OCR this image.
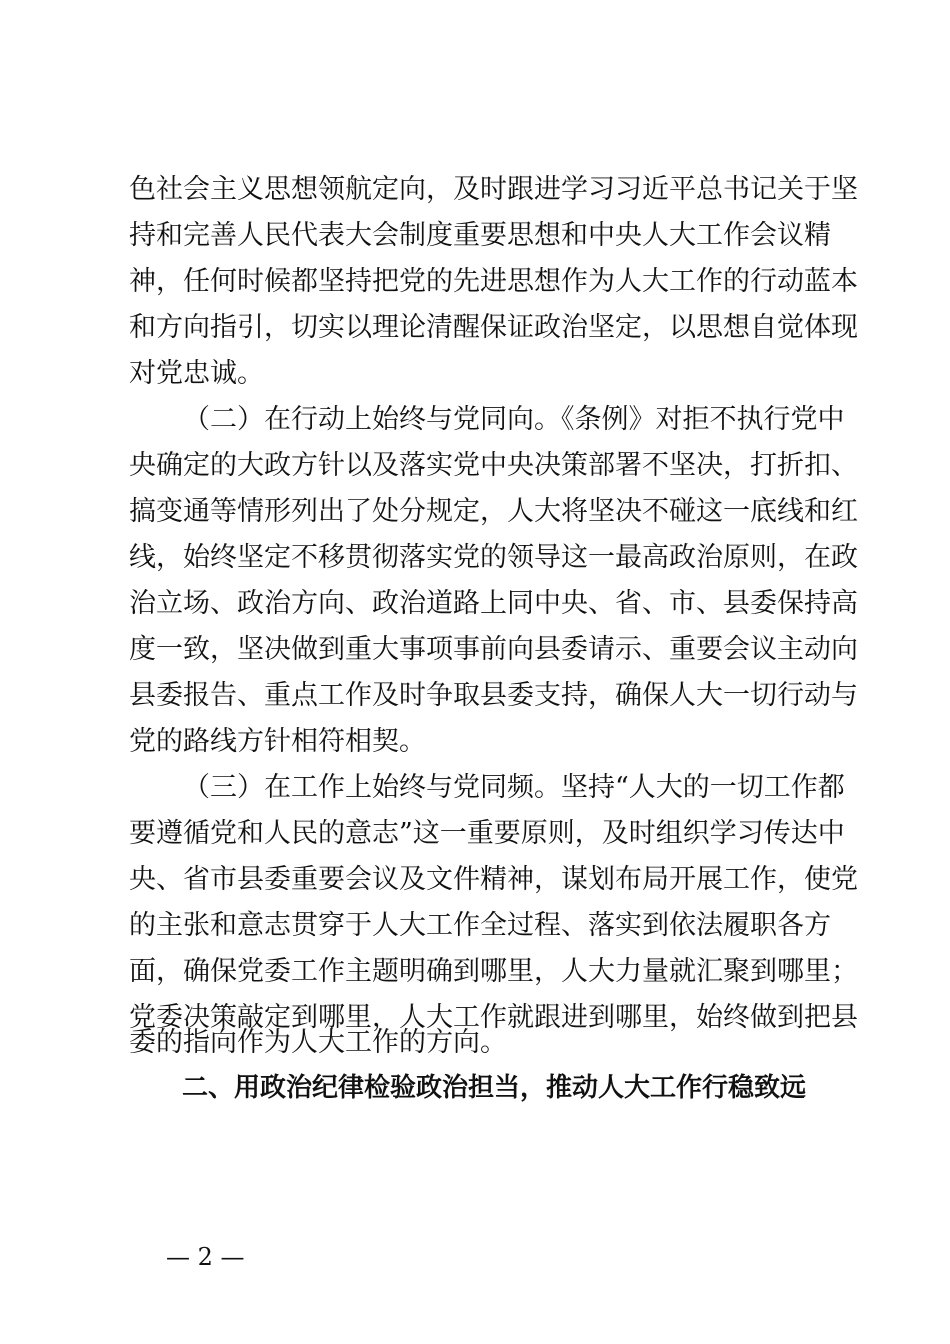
色社会主义思想领航定向，及时跟进学习习近平总书记关于坚
持和完善人民代表大会制度重要思想和中央人大工作会议精
神，任何时候都坚持把党的先进思想作为人大工作的行动蓝本
和方向指引，切实以理论清醒保证政治坚定，以思想自觉体现
对党忠诚。
（二）在行动上始终与党同向。《条例》对拒不执行党中
央确定的大政方针以及落实党中央决策部署不坚决，打折扣、
搞变通等情形列出了处分规定，人大将坚决不碰这一底线和红
线，始终坚定不移贯彻落实党的领导这一最高政治原则，在政
治立场、政治方向、政治道路上同中央、省、市、县委保持高
度一致，坚决做到重大事项事前向县委请示、重要会议主动向
县委报告、重点工作及时争取县委支持，确保人大一切行动与
党的路线方针相符相契。
（三）在工作上始终与党同频。坚持“人大的一切工作都
要遵循党和人民的意志”这一重要原则，及时组织学习传达中
央、省市县委重要会议及文件精神，谋划布局开展工作，使党
的主张和意志贯穿于人大工作全过程、落实到依法履职各方
面，确保党委工作主题明确到哪里，人大力量就汇聚到哪里；
党委决策敲定到哪里，人大工作就跟进到哪里，始终做到把县
委的指向作为人大工作的方向。
二、用政治纪律检验政治担当，推动人大工作行稳致远
— 2 —
